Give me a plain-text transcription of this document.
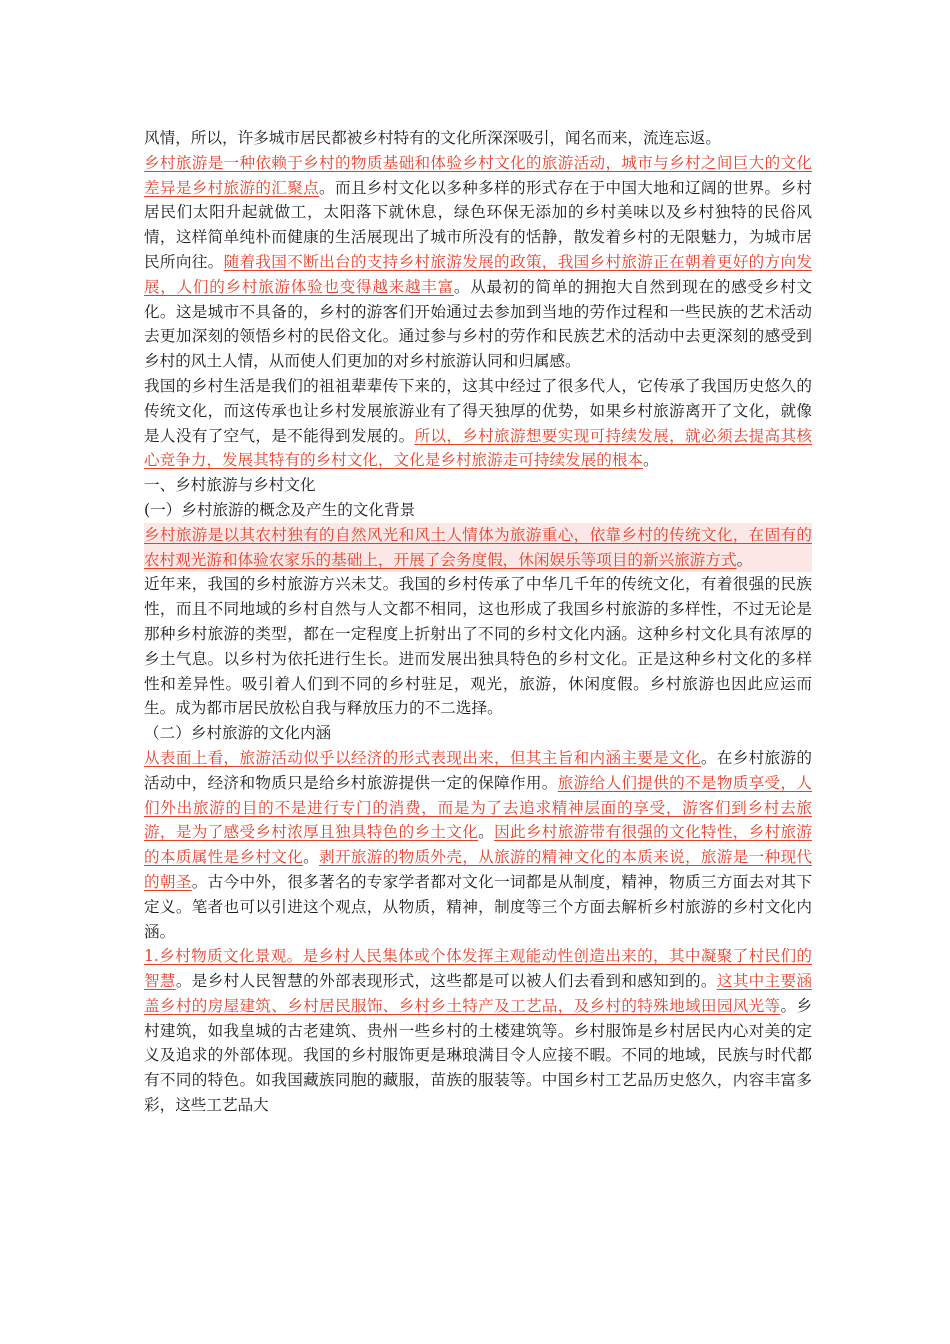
风情，所以，许多城市居民都被乡村特有的文化所深深吸引，闻名而来，流连忘返。

乡村旅游是一种依赖于乡村的物质基础和体验乡村文化的旅游活动，城市与乡村之间巨大的文化差异是乡村旅游的汇聚点。而且乡村文化以多种多样的形式存在于中国大地和辽阔的世界。乡村居民们太阳升起就做工，太阳落下就休息，绿色环保无添加的乡村美味以及乡村独特的民俗风情，这样简单纯朴而健康的生活展现出了城市所没有的恬静，散发着乡村的无限魅力，为城市居民所向往。随着我国不断出台的支持乡村旅游发展的政策，我国乡村旅游正在朝着更好的方向发展，人们的乡村旅游体验也变得越来越丰富。从最初的简单的拥抱大自然到现在的感受乡村文化。这是城市不具备的，乡村的游客们开始通过去参加到当地的劳作过程和一些民族的艺术活动去更加深刻的领悟乡村的民俗文化。通过参与乡村的劳作和民族艺术的活动中去更深刻的感受到乡村的风土人情，从而使人们更加的对乡村旅游认同和归属感。

我国的乡村生活是我们的祖祖辈辈传下来的，这其中经过了很多代人，它传承了我国历史悠久的传统文化，而这传承也让乡村发展旅游业有了得天独厚的优势，如果乡村旅游离开了文化，就像是人没有了空气，是不能得到发展的。所以，乡村旅游想要实现可持续发展，就必须去提高其核心竞争力，发展其特有的乡村文化，文化是乡村旅游走可持续发展的根本。

一、乡村旅游与乡村文化

(一）乡村旅游的概念及产生的文化背景

乡村旅游是以其农村独有的自然风光和风土人情体为旅游重心，依靠乡村的传统文化，在固有的农村观光游和体验农家乐的基础上，开展了会务度假，休闲娱乐等项目的新兴旅游方式。

近年来，我国的乡村旅游方兴未艾。我国的乡村传承了中华几千年的传统文化，有着很强的民族性，而且不同地域的乡村自然与人文都不相同，这也形成了我国乡村旅游的多样性，不过无论是那种乡村旅游的类型，都在一定程度上折射出了不同的乡村文化内涵。这种乡村文化具有浓厚的乡土气息。以乡村为依托进行生长。进而发展出独具特色的乡村文化。正是这种乡村文化的多样性和差异性。吸引着人们到不同的乡村驻足，观光，旅游，休闲度假。乡村旅游也因此应运而生。成为都市居民放松自我与释放压力的不二选择。

（二）乡村旅游的文化内涵

从表面上看，旅游活动似乎以经济的形式表现出来，但其主旨和内涵主要是文化。在乡村旅游的活动中，经济和物质只是给乡村旅游提供一定的保障作用。旅游给人们提供的不是物质享受，人们外出旅游的目的不是进行专门的消费，而是为了去追求精神层面的享受，游客们到乡村去旅游，是为了感受乡村浓厚且独具特色的乡土文化。因此乡村旅游带有很强的文化特性，乡村旅游的本质属性是乡村文化。剥开旅游的物质外壳，从旅游的精神文化的本质来说，旅游是一种现代的朝圣。古今中外，很多著名的专家学者都对文化一词都是从制度，精神，物质三方面去对其下定义。笔者也可以引进这个观点，从物质，精神，制度等三个方面去解析乡村旅游的乡村文化内涵。

1.乡村物质文化景观。是乡村人民集体或个体发挥主观能动性创造出来的，其中凝聚了村民们的智慧。是乡村人民智慧的外部表现形式，这些都是可以被人们去看到和感知到的。这其中主要涵盖乡村的房屋建筑、乡村居民服饰、乡村乡土特产及工艺品，及乡村的特殊地域田园风光等。乡村建筑，如我皇城的古老建筑、贵州一些乡村的土楼建筑等。乡村服饰是乡村居民内心对美的定义及追求的外部体现。我国的乡村服饰更是琳琅满目令人应接不暇。不同的地域，民族与时代都有不同的特色。如我国藏族同胞的藏服，苗族的服装等。中国乡村工艺品历史悠久，内容丰富多彩，这些工艺品大
